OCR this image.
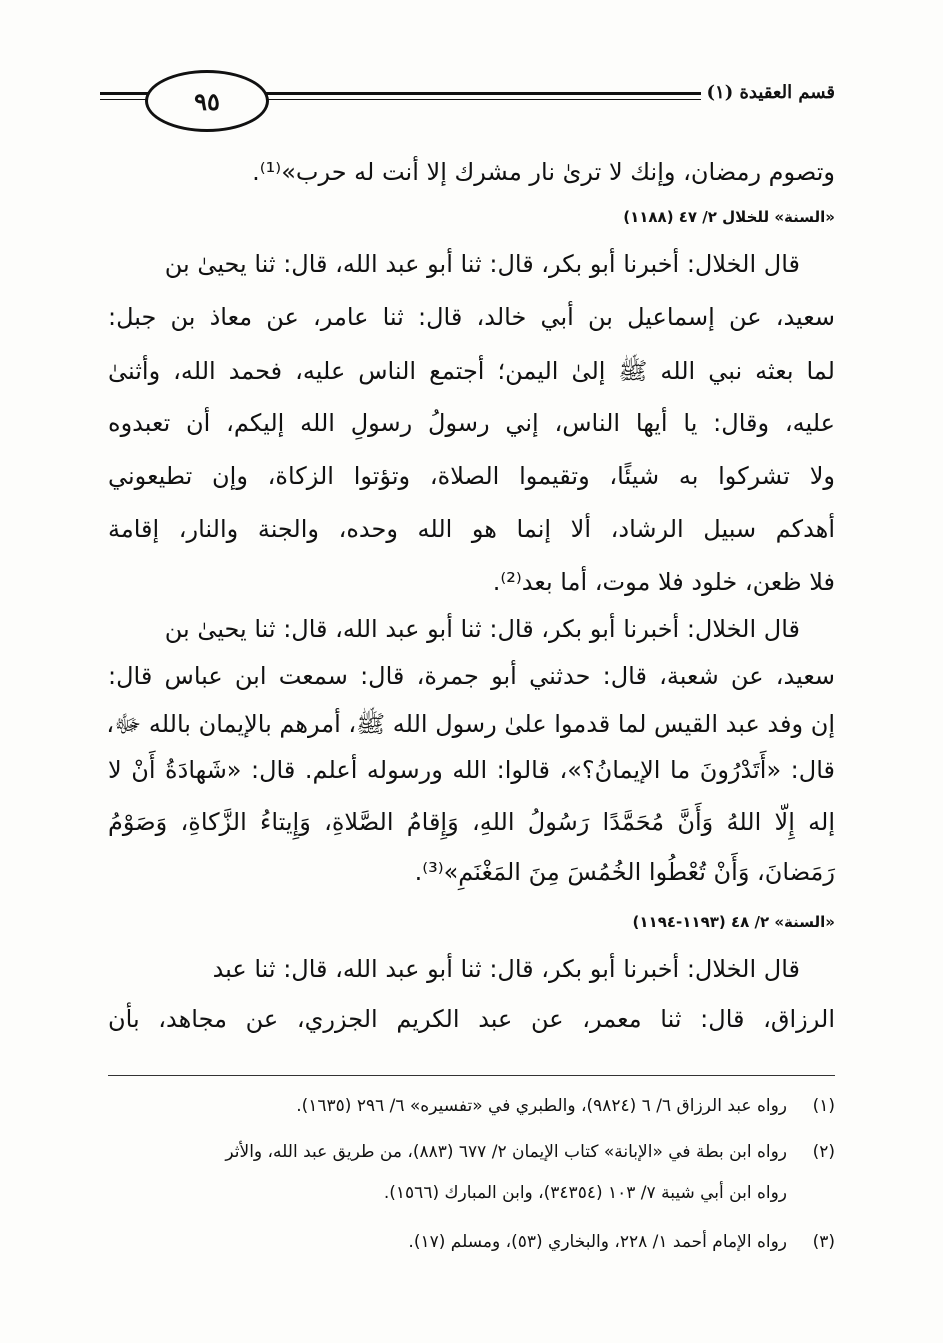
٩٥	قسم العقيدة (١)
وتصوم رمضان، وإنك لا ترىٰ نار مشرك إلا أنت له حرب»⁽¹⁾.
«السنة» للخلال ٢/ ٤٧ (١١٨٨)
قال الخلال: أخبرنا أبو بكر، قال: ثنا أبو عبد الله، قال: ثنا يحيىٰ بن
سعيد، عن إسماعيل بن أبي خالد، قال: ثنا عامر، عن معاذ بن جبل:
لما بعثه نبي الله ﷺ إلىٰ اليمن؛ أجتمع الناس عليه، فحمد الله، وأثنىٰ
عليه، وقال: يا أيها الناس، إني رسولُ رسولِ الله إليكم، أن تعبدوه
ولا تشركوا به شيئًا، وتقيموا الصلاة، وتؤتوا الزكاة، وإن تطيعوني
أهدكم سبيل الرشاد، ألا إنما هو الله وحده، والجنة والنار، إقامة
فلا ظعن، خلود فلا موت، أما بعد⁽²⁾.
قال الخلال: أخبرنا أبو بكر، قال: ثنا أبو عبد الله، قال: ثنا يحيىٰ بن
سعيد، عن شعبة، قال: حدثني أبو جمرة، قال: سمعت ابن عباس قال:
إن وفد عبد القيس لما قدموا علىٰ رسول الله ﷺ، أمرهم بالإيمان بالله ﷻ،
قال: «أَتَدْرُونَ ما الإيمانُ؟»، قالوا: الله ورسوله أعلم. قال: «شَهادَةُ أَنْ لا
إله إِلّا اللهُ وَأَنَّ مُحَمَّدًا رَسُولُ اللهِ، وَإِقامُ الصَّلاةِ، وَإِيتاءُ الزَّكاةِ، وَصَوْمُ
رَمَضانَ، وَأَنْ تُعْطُوا الخُمُسَ مِنَ المَغْنَمِ»⁽³⁾.
«السنة» ٢/ ٤٨ (١١٩٣-١١٩٤)
قال الخلال: أخبرنا أبو بكر، قال: ثنا أبو عبد الله، قال: ثنا عبد
الرزاق، قال: ثنا معمر، عن عبد الكريم الجزري، عن مجاهد، بأن
(١)رواه عبد الرزاق ٦/ ٦ (٩٨٢٤)، والطبري في «تفسيره» ٦/ ٢٩٦ (١٦٣٥).
(٢)رواه ابن بطة في «الإبانة» كتاب الإيمان ٢/ ٦٧٧ (٨٨٣)، من طريق عبد الله، والأثر
رواه ابن أبي شيبة ٧/ ١٠٣ (٣٤٣٥٤)، وابن المبارك (١٥٦٦).
(٣)رواه الإمام أحمد ١/ ٢٢٨، والبخاري (٥٣)، ومسلم (١٧).
